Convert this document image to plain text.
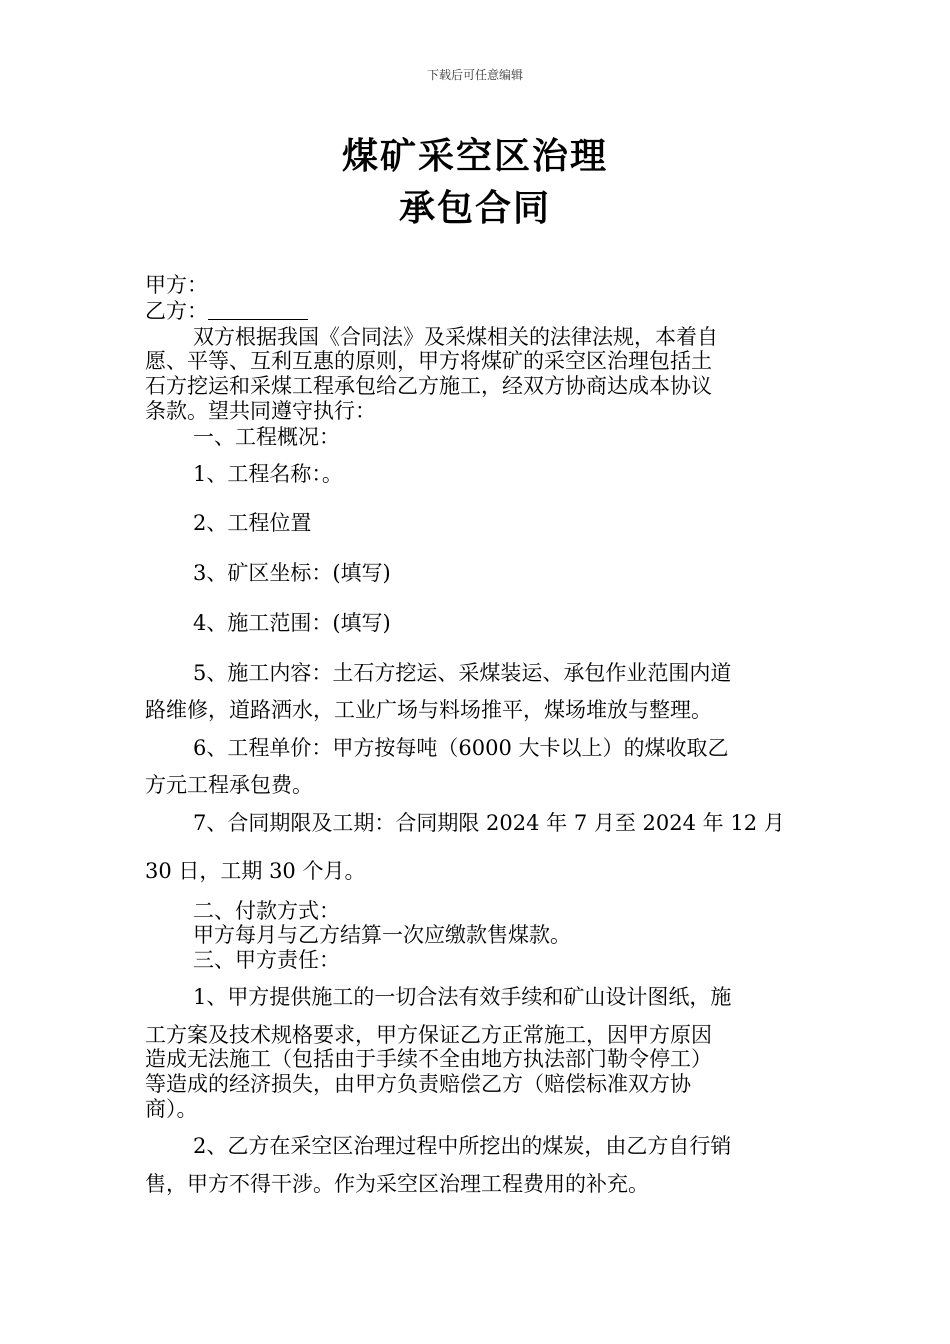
下载后可任意编辑
煤矿采空区治理
承包合同
甲方：
乙方：
双方根据我国《合同法》及采煤相关的法律法规，本着自
愿、平等、互利互惠的原则，甲方将煤矿的采空区治理包括土
石方挖运和采煤工程承包给乙方施工，经双方协商达成本协议
条款。望共同遵守执行：
一、工程概况：
1、工程名称：。
2、工程位置
3、矿区坐标：(填写)
4、施工范围：(填写)
5、施工内容：土石方挖运、采煤装运、承包作业范围内道
路维修，道路洒水，工业广场与料场推平，煤场堆放与整理。
6、工程单价：甲方按每吨（6000 大卡以上）的煤收取乙
方元工程承包费。
7、合同期限及工期：合同期限 2024 年 7 月至 2024 年 12 月
30 日，工期 30 个月。
二、付款方式：
甲方每月与乙方结算一次应缴款售煤款。
三、甲方责任：
1、甲方提供施工的一切合法有效手续和矿山设计图纸，施
工方案及技术规格要求，甲方保证乙方正常施工，因甲方原因
造成无法施工（包括由于手续不全由地方执法部门勒令停工）
等造成的经济损失，由甲方负责赔偿乙方（赔偿标准双方协
商）。
2、乙方在采空区治理过程中所挖出的煤炭，由乙方自行销
售，甲方不得干涉。作为采空区治理工程费用的补充。
